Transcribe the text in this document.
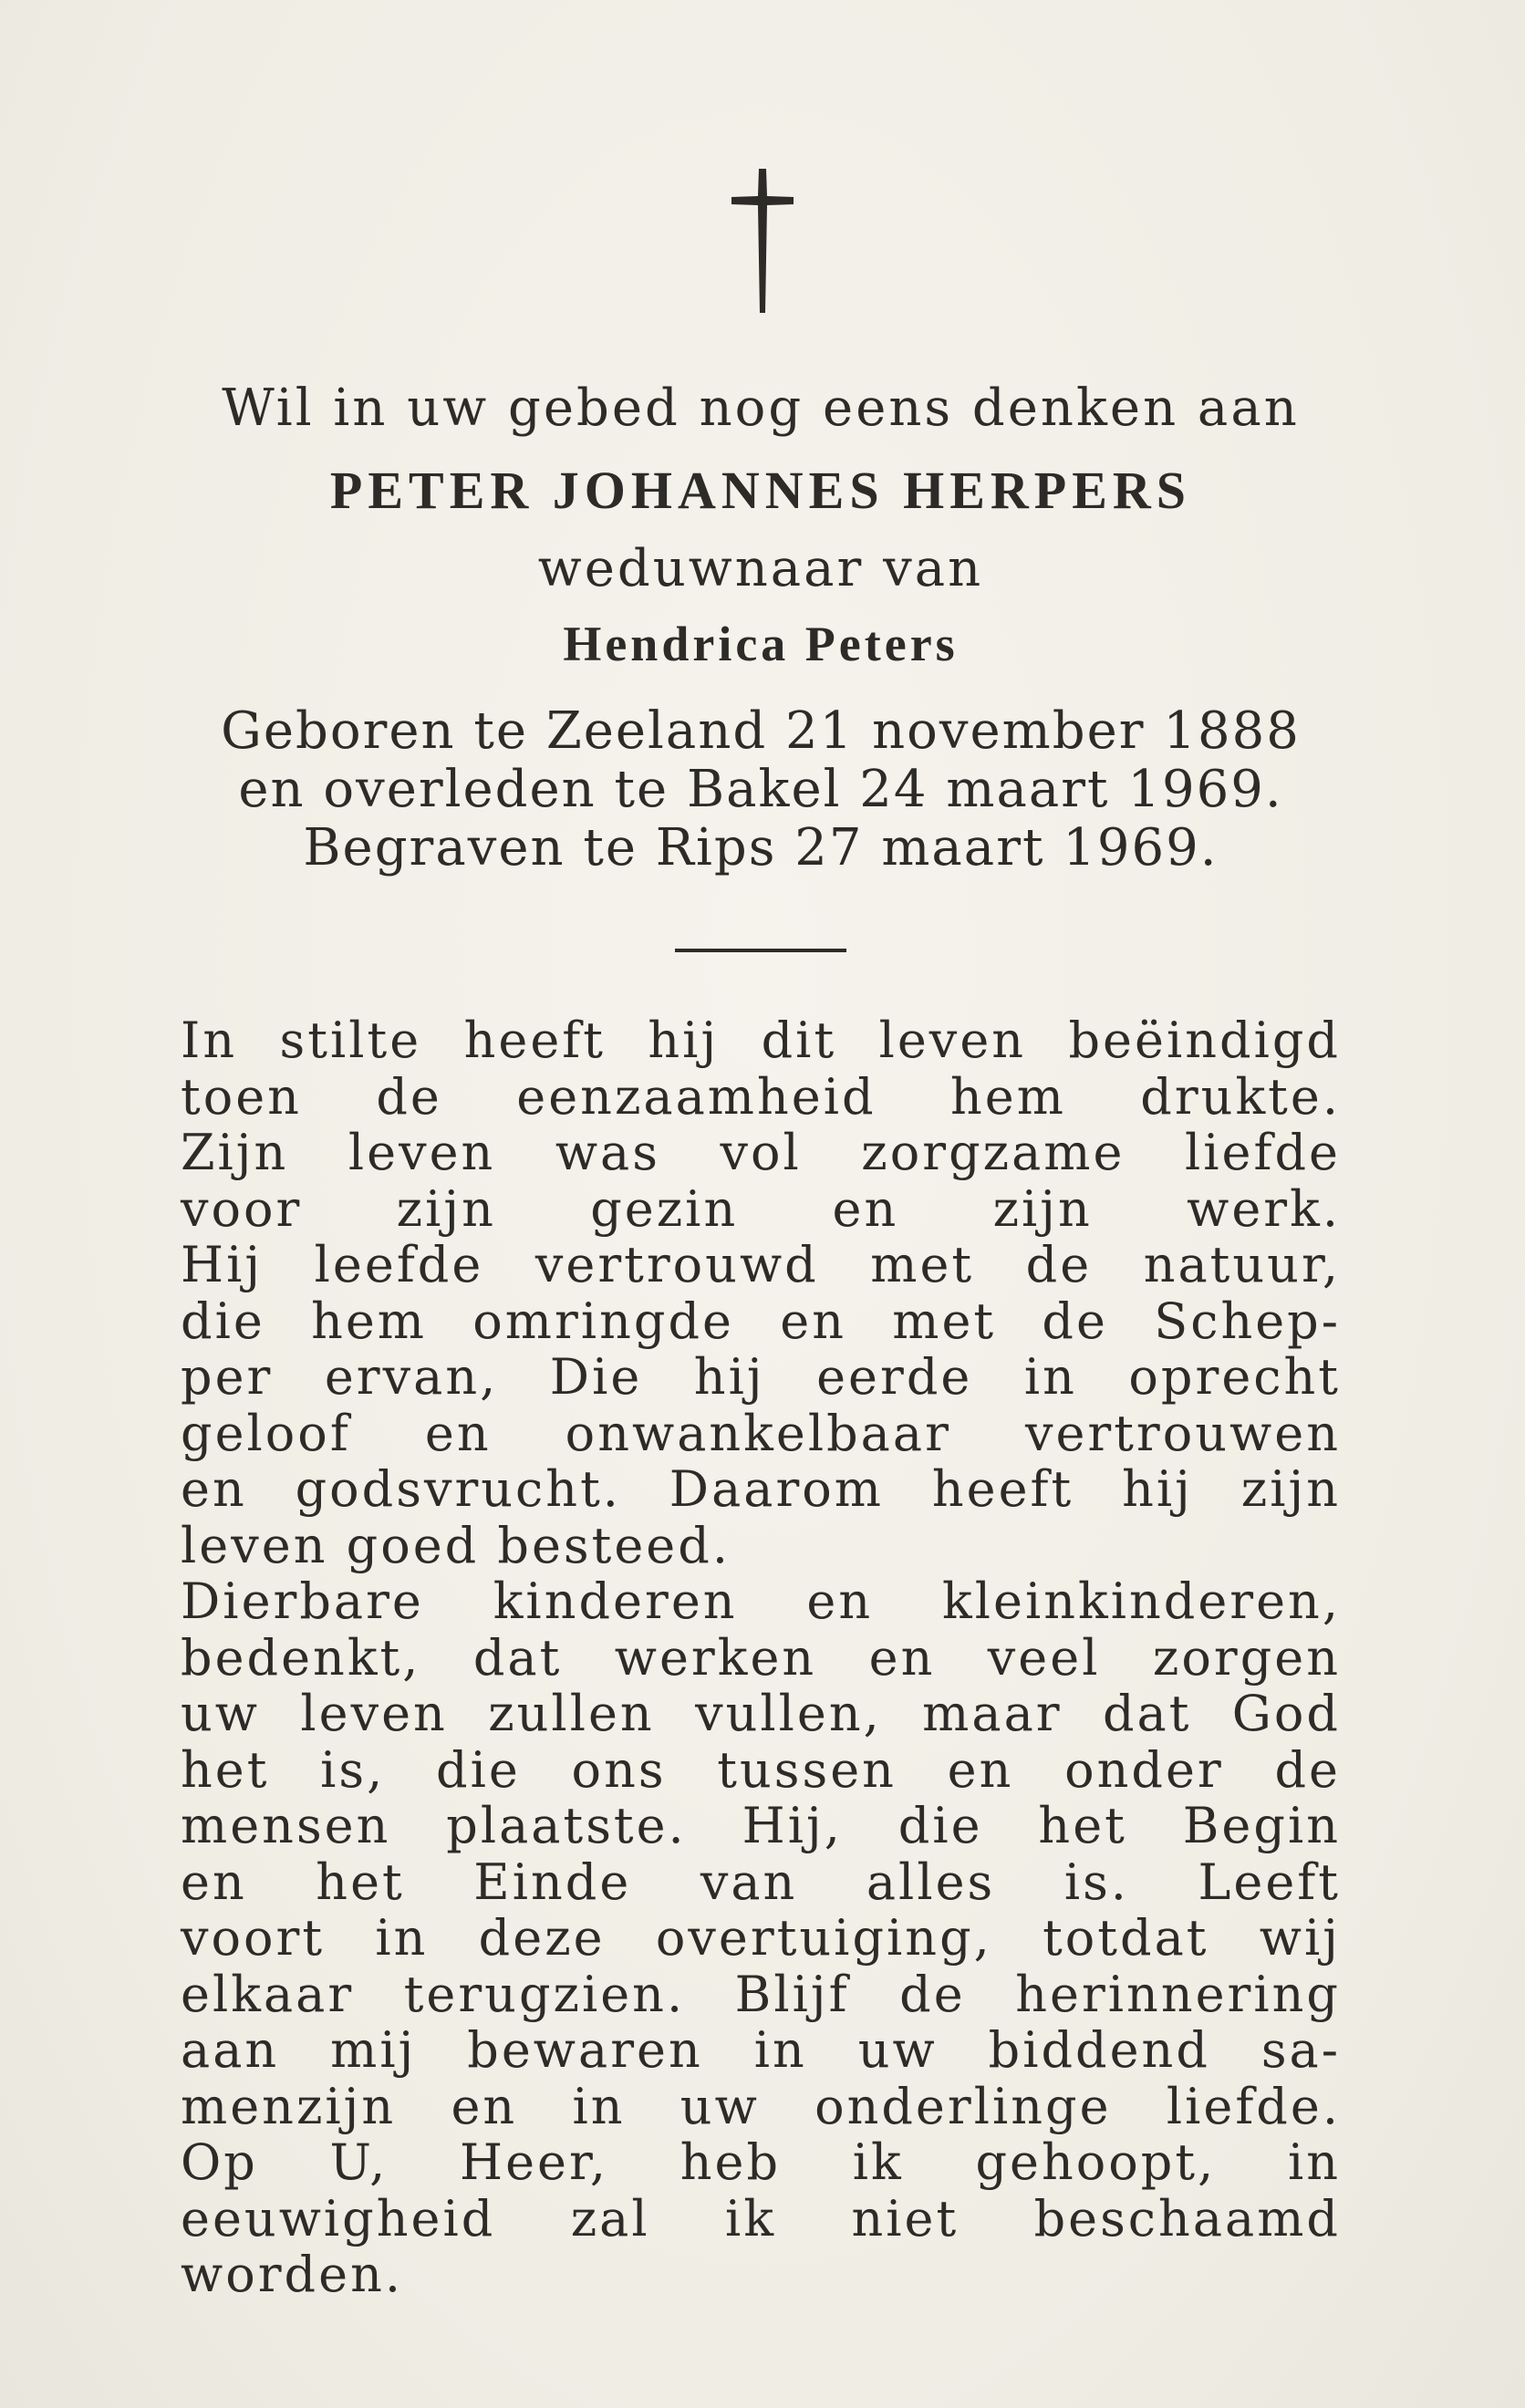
Wil in uw gebed nog eens denken aan

PETER JOHANNES HERPERS

weduwnaar van

Hendrica Peters

Geboren te Zeeland 21 november 1888

en overleden te Bakel 24 maart 1969.

Begraven te Rips 27 maart 1969.

In stilte heeft hij dit leven beëindigd

toen de eenzaamheid hem drukte.

Zijn leven was vol zorgzame liefde

voor zijn gezin en zijn werk.

Hij leefde vertrouwd met de natuur,

die hem omringde en met de Schep-

per ervan, Die hij eerde in oprecht

geloof en onwankelbaar vertrouwen

en godsvrucht. Daarom heeft hij zijn

leven goed besteed.

Dierbare kinderen en kleinkinderen,

bedenkt, dat werken en veel zorgen

uw leven zullen vullen, maar dat God

het is, die ons tussen en onder de

mensen plaatste. Hij, die het Begin

en het Einde van alles is. Leeft

voort in deze overtuiging, totdat wij

elkaar terugzien. Blijf de herinnering

aan mij bewaren in uw biddend sa-

menzijn en in uw onderlinge liefde.

Op U, Heer, heb ik gehoopt, in

eeuwigheid zal ik niet beschaamd

worden.
